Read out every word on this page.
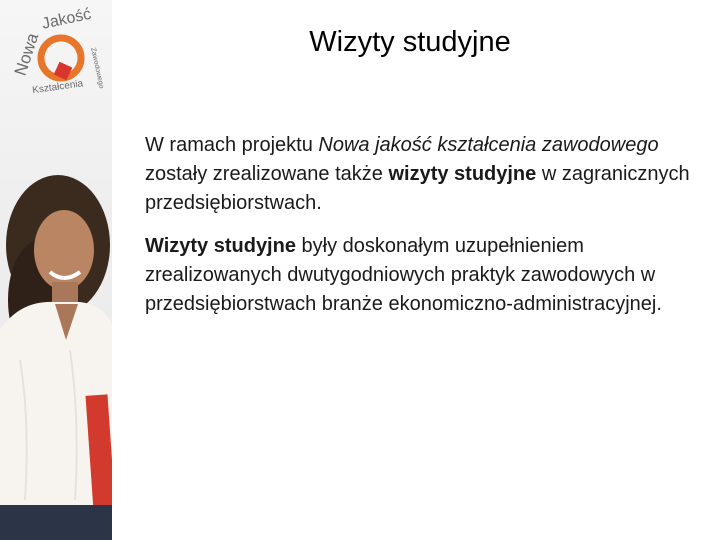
Nowa
Jakość
Kształcenia Zawodowego
Wizyty studyjne

W ramach projektu Nowa jakość kształcenia zawodowego zostały zrealizowane także wizyty studyjne w zagranicznych przedsiębiorstwach.

Wizyty studyjne były doskonałym uzupełnieniem zrealizowanych dwutygodniowych praktyk zawodowych w przedsiębiorstwach branże ekonomiczno-administracyjnej.
